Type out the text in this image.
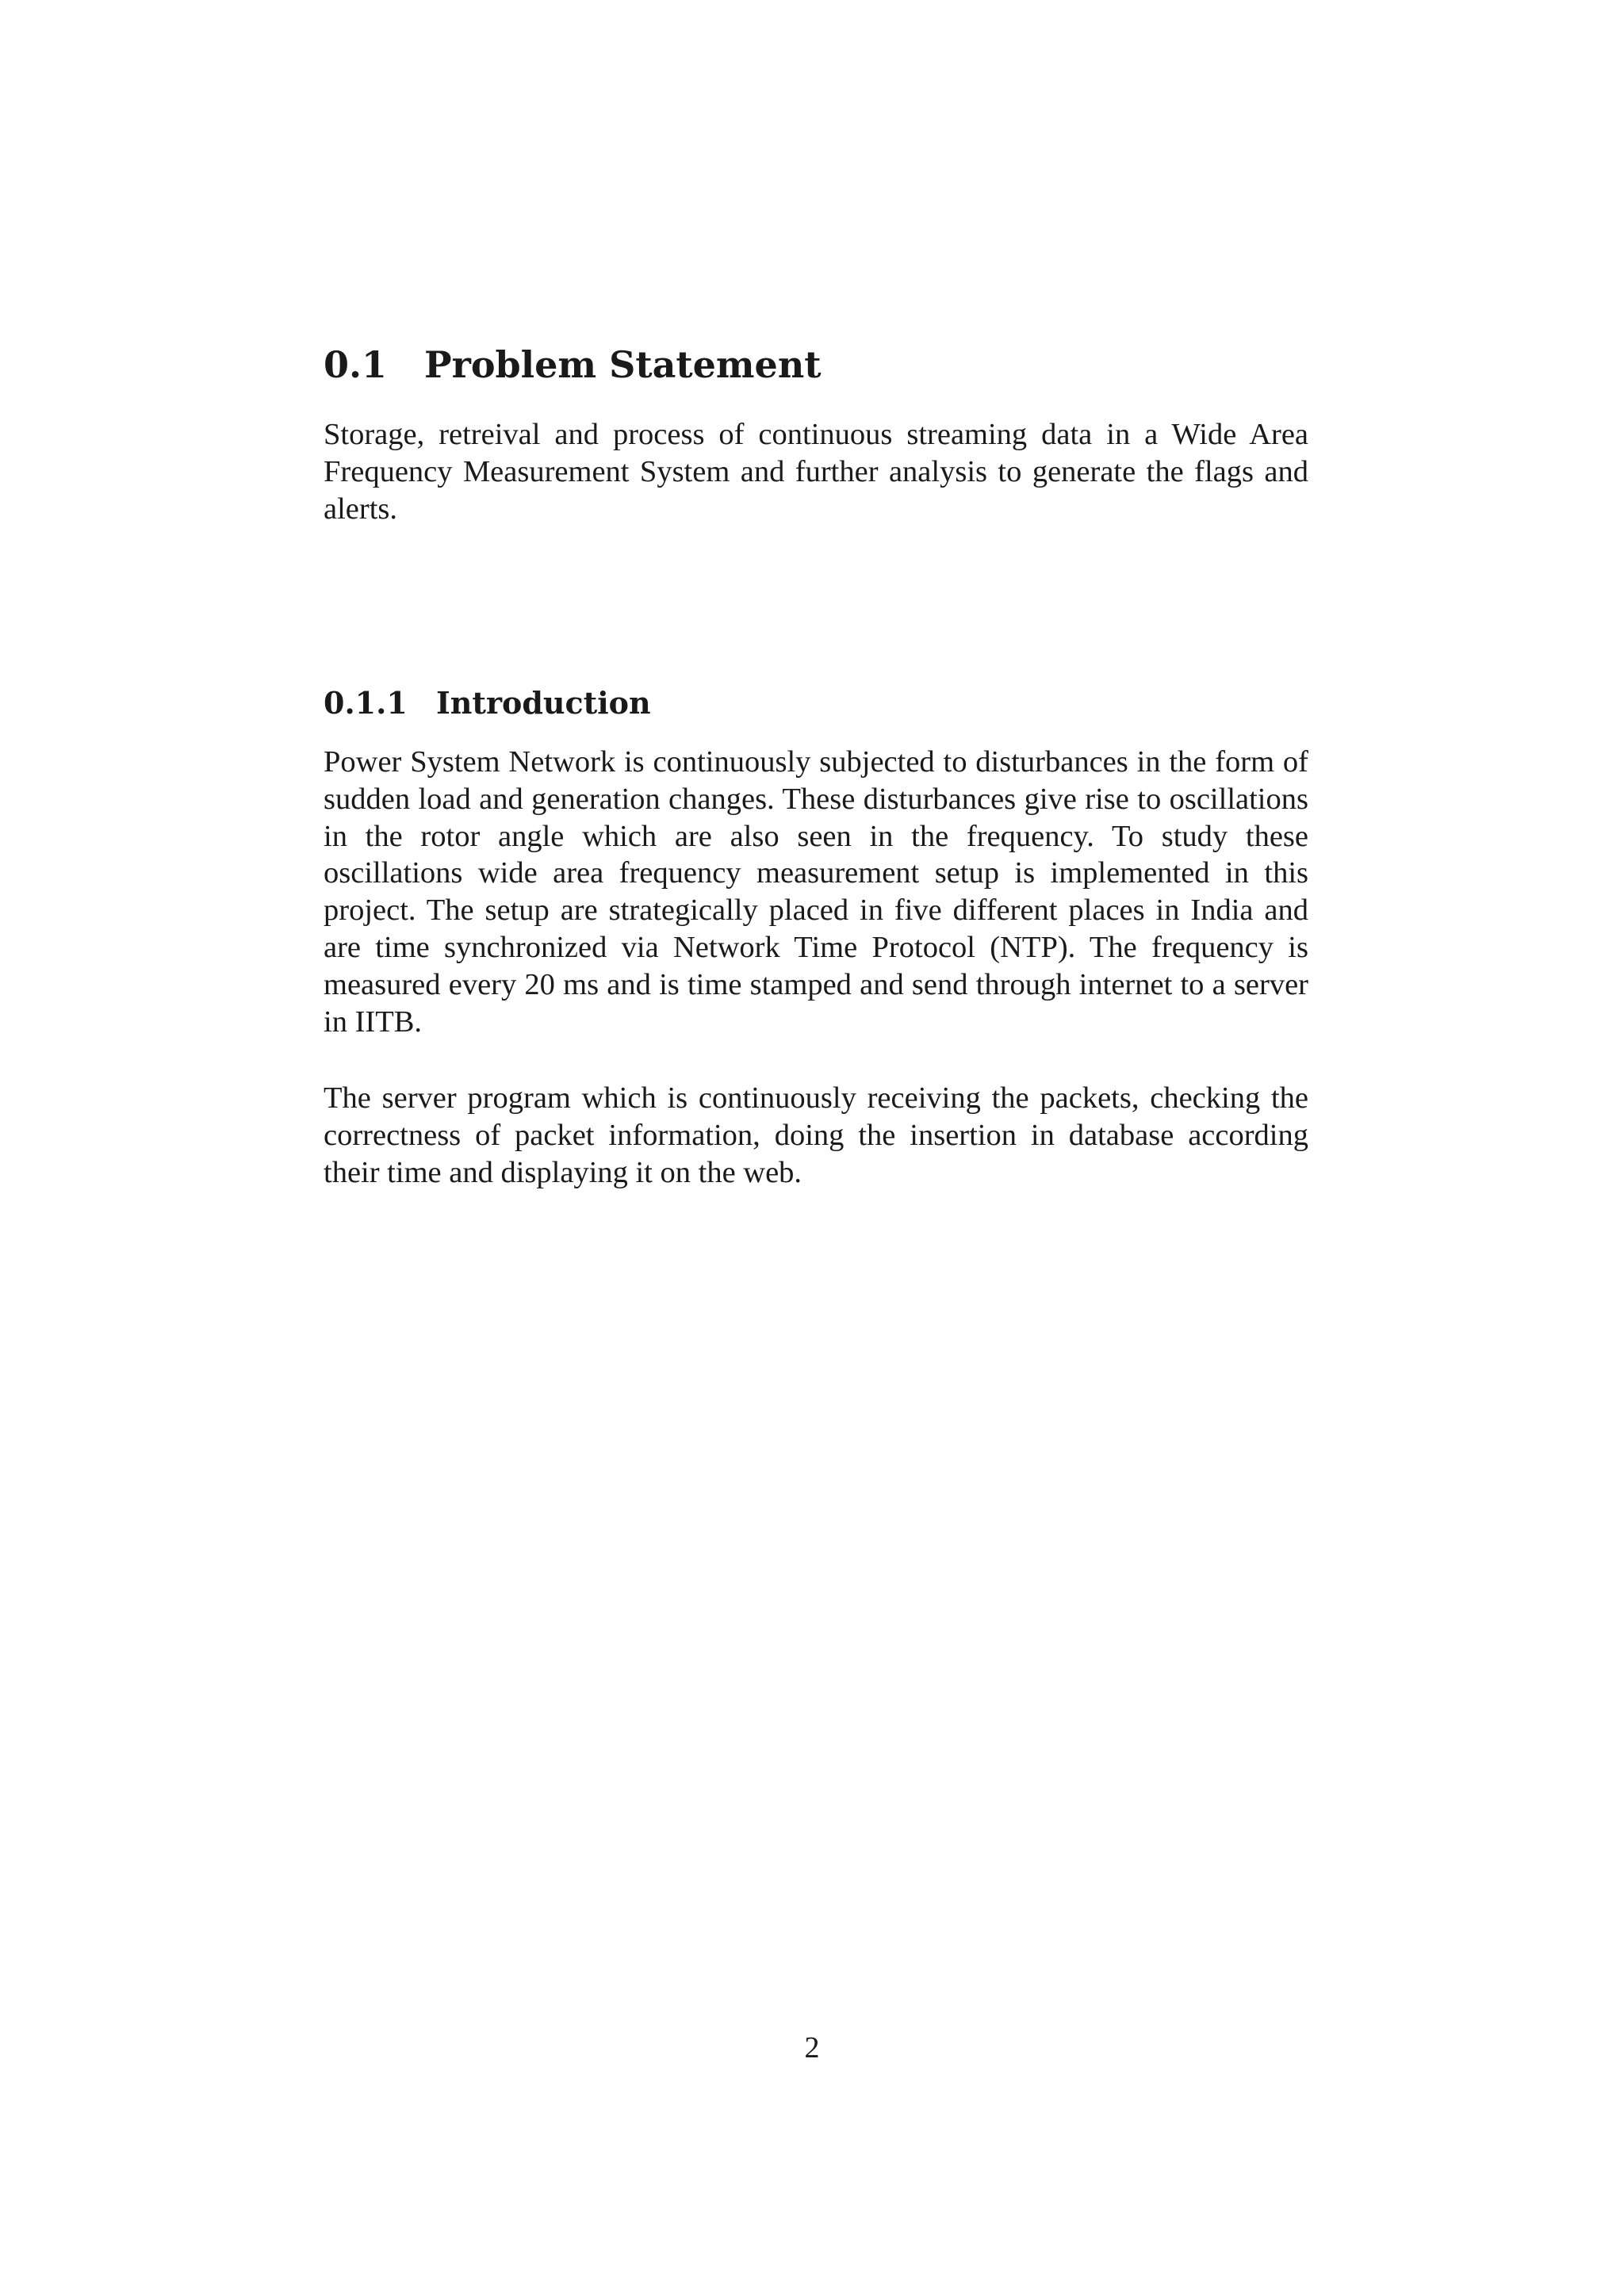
0.1 Problem Statement

Storage, retreival and process of continuous streaming data in a Wide Area Frequency Measurement System and further analysis to generate the flags and alerts.

0.1.1 Introduction

Power System Network is continuously subjected to disturbances in the form of sudden load and generation changes. These disturbances give rise to oscillations in the rotor angle which are also seen in the frequency. To study these oscillations wide area frequency measurement setup is implemented in this project. The setup are strategically placed in five different places in India and are time synchronized via Network Time Protocol (NTP). The frequency is measured every 20 ms and is time stamped and send through internet to a server in IITB.

The server program which is continuously receiving the packets, checking the correctness of packet information, doing the insertion in database according their time and displaying it on the web.

2
